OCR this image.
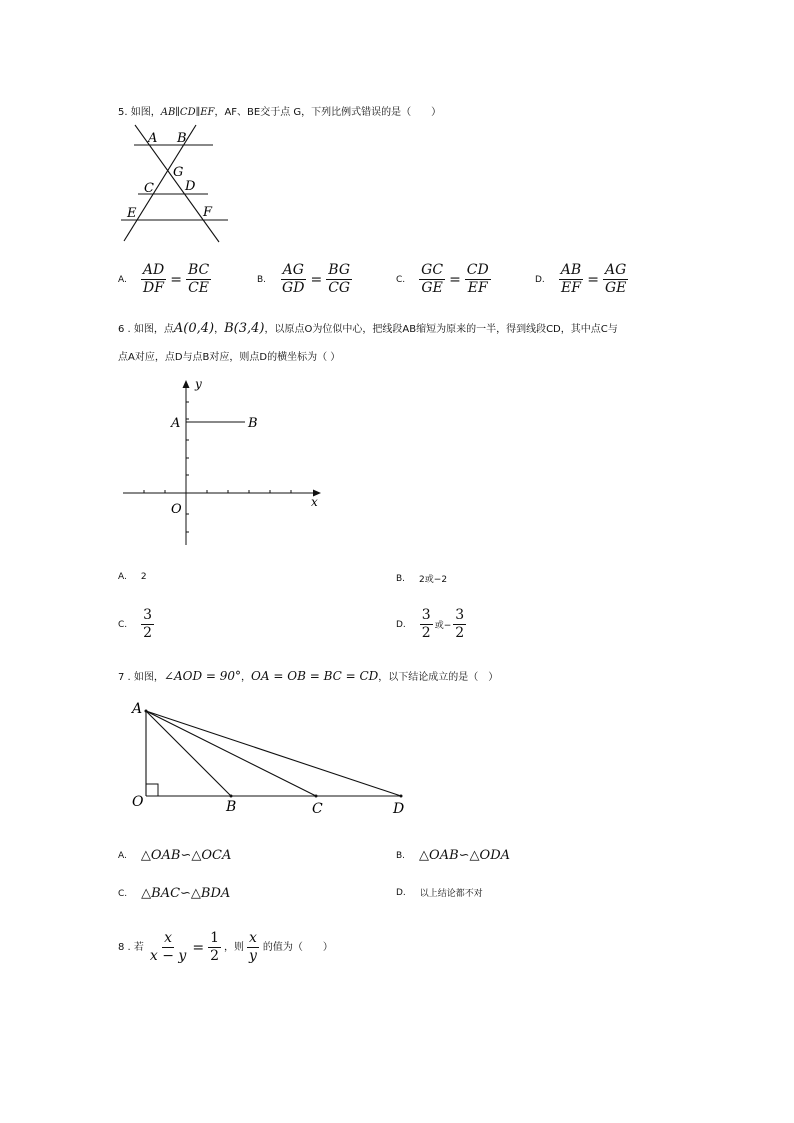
5. 如图，AB∥CD∥EF，AF、BE交于点 G，下列比例式错误的是（　　）
A B
G
C D
E	F
A. $\frac{AD}{DF} = \frac{BC}{CE}$	B. $\frac{AG}{GD} = \frac{BG}{CG}$	C. $\frac{GC}{GE} = \frac{CD}{EF}$	D. $\frac{AB}{EF} = \frac{AG}{GE}$
6 . 如图，点A(0,4)，B(3,4)，以原点O为位似中心，把线段AB缩短为原来的一半，得到线段CD，其中点C与
点A对应，点D与点B对应，则点D的横坐标为（ ）
y
x
O
A	B
A. 2	B. 2或−2
C. $\frac{3}{2}$	D. $\frac{3}{2}$ 或− $\frac{3}{2}$
7 . 如图，∠AOD = 90°，OA = OB = BC = CD，以下结论成立的是（　）
A
O	B	C	D
A. △OAB∽△OCA	B. △OAB∽△ODA
C. △BAC∽△BDA	D. 以上结论都不对
8 . 若 $\frac{x}{x - y} = \frac{1}{2}$ ，则 $\frac{x}{y}$ 的值为（　　）
